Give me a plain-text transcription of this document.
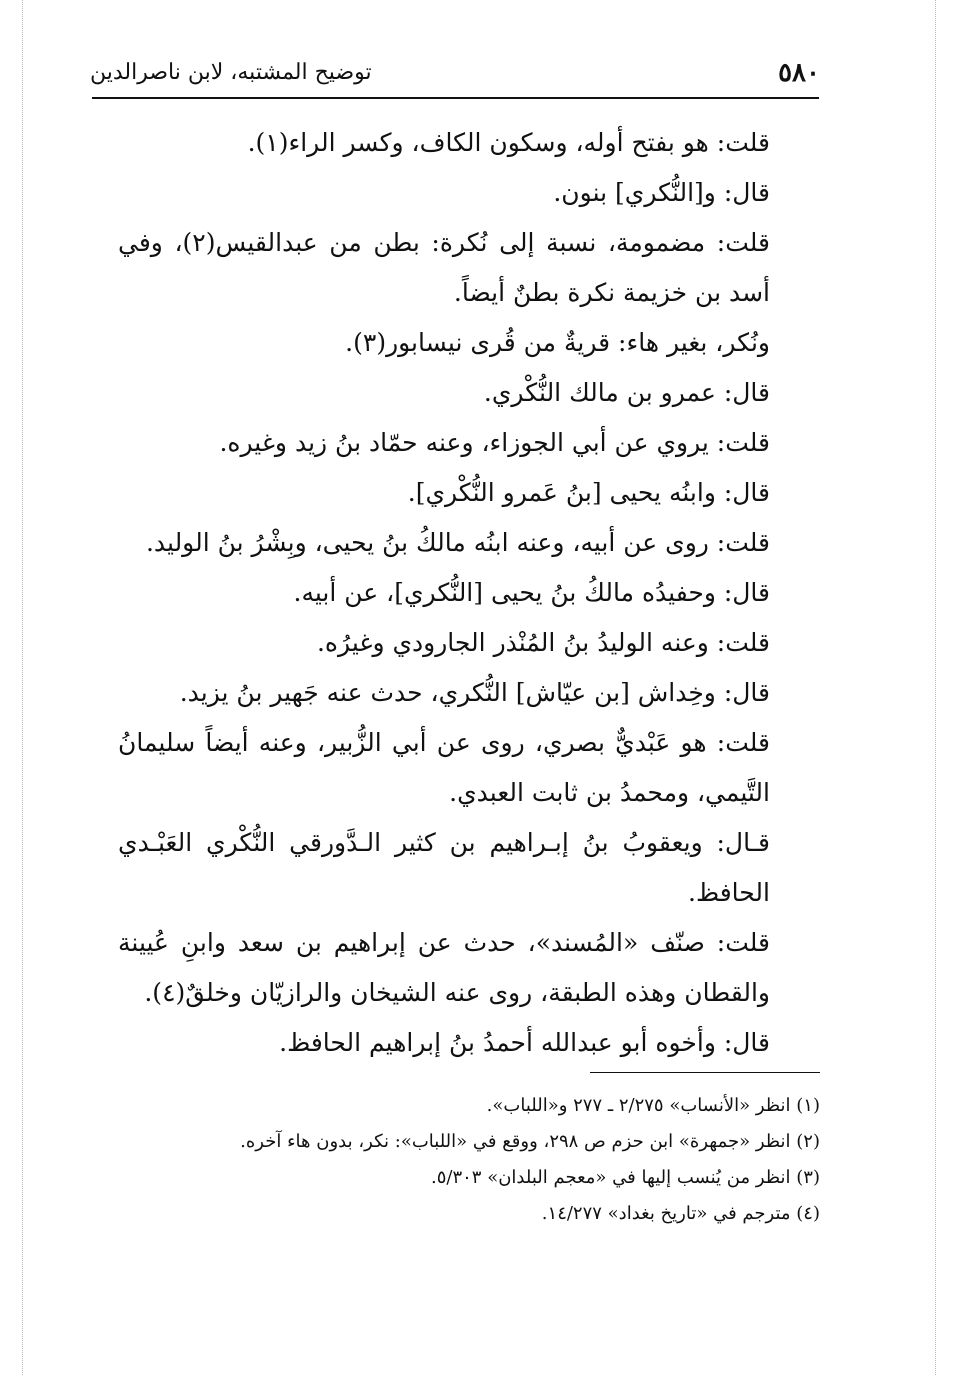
٥٨٠
توضيح المشتبه، لابن ناصرالدين

قلت: هو بفتح أوله، وسكون الكاف، وكسر الراء(١).

قال: و[النُّكري] بنون.

قلت: مضمومة، نسبة إلى نُكرة: بطن من عبدالقيس(٢)، وفي أسد بن خزيمة نكرة بطنٌ أيضاً.

ونُكر، بغير هاء: قريةٌ من قُرى نيسابور(٣).

قال: عمرو بن مالك النُّكْري.

قلت: يروي عن أبي الجوزاء، وعنه حمّاد بنُ زيد وغيره.

قال: وابنُه يحيى [بنُ عَمرو النُّكْري].

قلت: روى عن أبيه، وعنه ابنُه مالكُ بنُ يحيى، وبِشْرُ بنُ الوليد.

قال: وحفيدُه مالكُ بنُ يحيى [النُّكري]، عن أبيه.

قلت: وعنه الوليدُ بنُ المُنْذر الجارودي وغيرُه.

قال: وخِداش [بن عيّاش] النُّكري، حدث عنه جَهير بنُ يزيد.

قلت: هو عَبْديٌّ بصري، روى عن أبي الزُّبير، وعنه أيضاً سليمانُ التَّيمي، ومحمدُ بن ثابت العبدي.

قـال: ويعقوبُ بنُ إبـراهيم بن كثير الـدَّورقي النُّكْري العَبْـدي الحافظ.

قلت: صنّف «المُسند»، حدث عن إبراهيم بن سعد وابنِ عُيينة والقطان وهذه الطبقة، روى عنه الشيخان والرازيّان وخلقٌ(٤).

قال: وأخوه أبو عبدالله أحمدُ بنُ إبراهيم الحافظ.

(١) انظر «الأنساب» ٢/٢٧٥ ـ ٢٧٧ و«اللباب».

(٢) انظر «جمهرة» ابن حزم ص ٢٩٨، ووقع في «اللباب»: نكر، بدون هاء آخره.

(٣) انظر من يُنسب إليها في «معجم البلدان» ٥/٣٠٣.

(٤) مترجم في «تاريخ بغداد» ١٤/٢٧٧.
